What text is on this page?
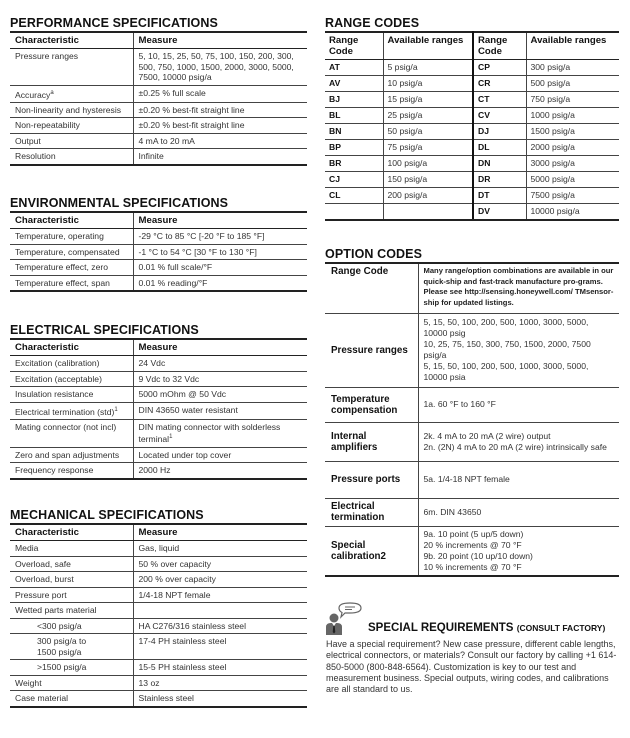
PERFORMANCE SPECIFICATIONS
Characteristic	Measure
Pressure ranges	5, 10, 15, 25, 50, 75, 100, 150, 200, 300, 500, 750, 1000, 1500, 2000, 3000, 5000, 7500, 10000 psig/a
Accuracy$^a$	±0.25 % full scale
Non-linearity and hysteresis	±0.20 % best-fit straight line
Non-repeatability	±0.20 % best-fit straight line
Output	4 mA to 20 mA
Resolution	Infinite
ENVIRONMENTAL SPECIFICATIONS
Characteristic	Measure
Temperature, operating	-29 °C to 85 °C [-20 °F to 185 °F]
Temperature, compensated	-1 °C to 54 °C [30 °F to 130 °F]
Temperature effect, zero	0.01 % full scale/°F
Temperature effect, span	0.01 % reading/°F
ELECTRICAL SPECIFICATIONS
Characteristic	Measure
Excitation (calibration)	24 Vdc
Excitation (acceptable)	9 Vdc to 32 Vdc
Insulation resistance	5000 mOhm @ 50 Vdc
Electrical termination (std)$^1$	DIN 43650 water resistant
Mating connector (not incl)	DIN mating connector with solderless terminal$^1$
Zero and span adjustments	Located under top cover
Frequency response	2000 Hz
MECHANICAL SPECIFICATIONS
Characteristic	Measure
Media	Gas, liquid
Overload, safe	50 % over capacity
Overload, burst	200 % over capacity
Pressure port	1/4-18 NPT female
Wetted parts material	
<300 psig/a	HA C276/316 stainless steel
300 psig/a to 1500 psig/a	17-4 PH stainless steel
>1500 psig/a	15-5 PH stainless steel
Weight	13 oz
Case material	Stainless steel
RANGE CODES
Range Code	Available ranges	Range Code	Available ranges
AT	5 psig/a	CP	300 psig/a
AV	10 psig/a	CR	500 psig/a
BJ	15 psig/a	CT	750 psig/a
BL	25 psig/a	CV	1000 psig/a
BN	50 psig/a	DJ	1500 psig/a
BP	75 psig/a	DL	2000 psig/a
BR	100 psig/a	DN	3000 psig/a
CJ	150 psig/a	DR	5000 psig/a
CL	200 psig/a	DT	7500 psig/a
		DV	10000 psig/a
OPTION CODES
Range Code	Many range/option combinations are available in our quick-ship and fast-track manufacture pro-grams. Please see http://sensing.honeywell.com/ TMsensor-ship for updated listings.
Pressure ranges	5, 15, 50, 100, 200, 500, 1000, 3000, 5000, 10000 psig
10, 25, 75, 150, 300, 750, 1500, 2000, 7500 psig/a
5, 15, 50, 100, 200, 500, 1000, 3000, 5000, 10000 psia

Temperature compensation	1a. 60 °F to 160 °F
Internal amplifiers	2k. 4 mA to 20 mA (2 wire) output
2n. (2N) 4 mA to 20 mA (2 wire) intrinsically safe

Pressure ports	5a. 1/4-18 NPT female
Electrical termination	6m. DIN 43650
Special calibration2	9a. 10 point (5 up/5 down)
20 % increments @ 70 °F
9b. 20 point (10 up/10 down)
10 % increments @ 70 °F
SPECIAL REQUIREMENTS (CONSULT FACTORY)
Have a special requirement? New case pressure, different cable lengths, electrical connectors, or materials? Consult our factory by calling +1 614-850-5000 (800-848-6564). Customization is key to our test and measurement business. Special outputs, wiring codes, and calibrations are all standard to us.
